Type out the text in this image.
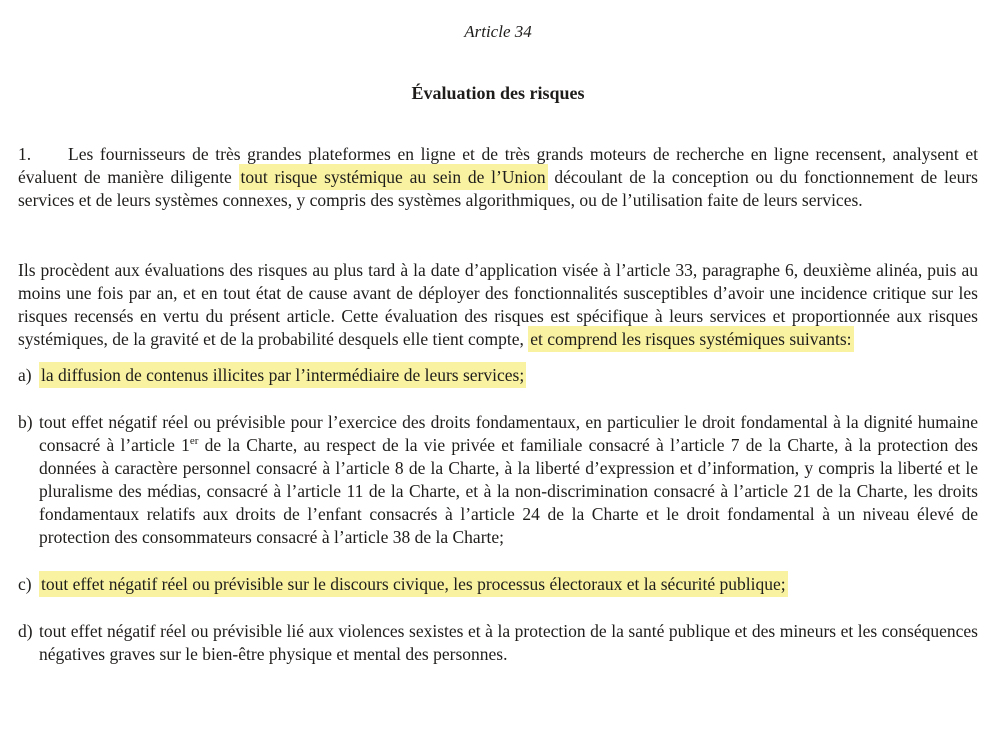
Article 34
Évaluation des risques

1. Les fournisseurs de très grandes plateformes en ligne et de très grands moteurs de recherche en ligne recensent, analysent et évaluent de manière diligente tout risque systémique au sein de l’Union découlant de la conception ou du fonctionnement de leurs services et de leurs systèmes connexes, y compris des systèmes algorithmiques, ou de l’utilisation faite de leurs services.

Ils procèdent aux évaluations des risques au plus tard à la date d’application visée à l’article 33, paragraphe 6, deuxième alinéa, puis au moins une fois par an, et en tout état de cause avant de déployer des fonctionnalités susceptibles d’avoir une incidence critique sur les risques recensés en vertu du présent article. Cette évaluation des risques est spécifique à leurs services et proportionnée aux risques systémiques, de la gravité et de la probabilité desquels elle tient compte, et comprend les risques systémiques suivants:

a) la diffusion de contenus illicites par l’intermédiaire de leurs services;
b) tout effet négatif réel ou prévisible pour l’exercice des droits fondamentaux, en particulier le droit fondamental à la dignité humaine consacré à l’article 1er de la Charte, au respect de la vie privée et familiale consacré à l’article 7 de la Charte, à la protection des données à caractère personnel consacré à l’article 8 de la Charte, à la liberté d’expression et d’information, y compris la liberté et le pluralisme des médias, consacré à l’article 11 de la Charte, et à la non-discrimination consacré à l’article 21 de la Charte, les droits fondamentaux relatifs aux droits de l’enfant consacrés à l’article 24 de la Charte et le droit fondamental à un niveau élevé de protection des consommateurs consacré à l’article 38 de la Charte;
c) tout effet négatif réel ou prévisible sur le discours civique, les processus électoraux et la sécurité publique;
d) tout effet négatif réel ou prévisible lié aux violences sexistes et à la protection de la santé publique et des mineurs et les conséquences négatives graves sur le bien-être physique et mental des personnes.
